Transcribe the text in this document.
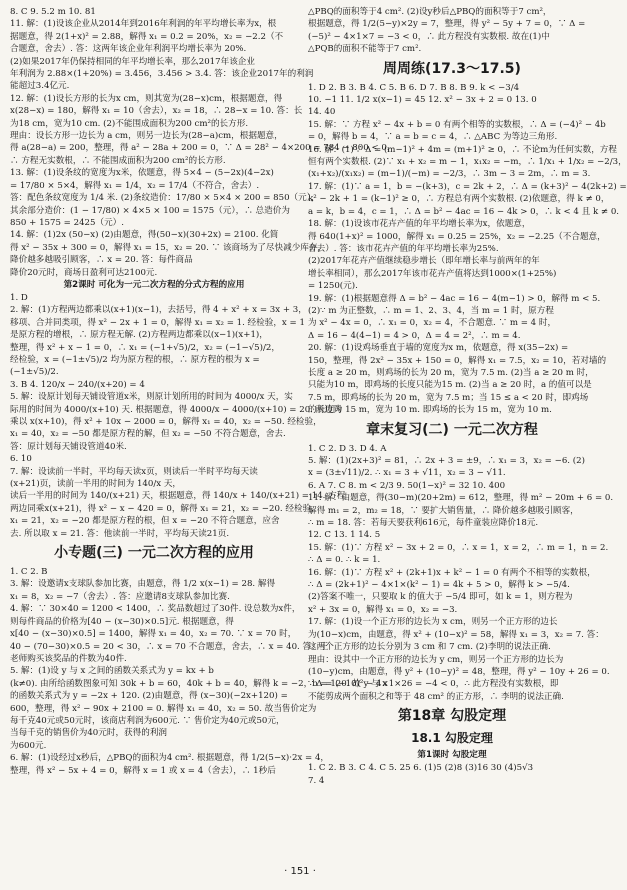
8. C 9. 5.2 m 10. 81
11. 解：(1)设该企业从2014年到2016年利润的年平均增长率为x，根
据题意，得 2(1+x)² = 2.88，解得 x₁ = 0.2 = 20%，x₂ = −2.2（不
合题意，舍去）. 答：这两年该企业年利润平均增长率为 20%.
(2)如果2017年仍保持相同的年平均增长率，那么2017年该企业
年利润为 2.88×(1+20%) = 3.456，3.456 > 3.4. 答：该企业2017年的利润
能超过3.4亿元.
12. 解：(1)设长方形的长为x cm，则其宽为(28−x)cm，根据题意，得
x(28−x) = 180，解得 x₁ = 10（舍去），x₂ = 18，∴ 28−x = 10. 答：长
为18 cm，宽为10 cm. (2)不能围成面积为200 cm²的长方形.
理由：设长方形一边长为 a cm，则另一边长为(28−a)cm，根据题意，
得 a(28−a) = 200，整理，得 a² − 28a + 200 = 0，∵ Δ = 28² − 4×200 = 784 − 800 < 0，
∴ 方程无实数根，∴ 不能围成面积为200 cm²的长方形.
13. 解：(1)设条纹的宽度为x米，依题意，得 5×4 − (5−2x)(4−2x)
= 17/80 × 5×4，解得 x₁ = 1/4，x₂ = 17/4（不符合，舍去）.
答：配色条纹宽度为 1/4 米. (2)条纹造价：17/80 × 5×4 × 200 = 850（元），
其余部分造价：(1 − 17/80) × 4×5 × 100 = 1575（元），∴ 总造价为
850 + 1575 = 2425（元）.
14. 解：(1)2x (50−x) (2)由题意，得(50−x)(30+2x) = 2100. 化简
得 x² − 35x + 300 = 0，解得 x₁ = 15，x₂ = 20. ∵ 该商场为了尽快减少库存，
降价越多越吸引顾客，∴ x = 20. 答：每件商品
降价20元时，商场日盈利可达2100元.
第2课时 可化为一元二次方程的分式方程的应用
1. D
2. 解：(1)方程两边都乘以(x+1)(x−1)，去括号，得 4 + x² + x = 3x + 3，
移项、合并同类项，得 x² − 2x + 1 = 0，解得 x₁ = x₂ = 1. 经检验，x = 1
是原方程的增根，∴ 原方程无解. (2)方程两边都乘以(x−1)(x+1)，
整理，得 x² + x − 1 = 0，∴ x₁ = (−1+√5)/2，x₂ = (−1−√5)/2，
经检验，x = (−1±√5)/2 均为原方程的根，∴ 原方程的根为 x =
(−1±√5)/2.
3. B 4. 120/x − 240/(x+20) = 4
5. 解：设原计划每天铺设管道x米，则原计划所用的时间为 4000/x 天，实
际用的时间为 4000/(x+10) 天. 根据题意，得 4000/x − 4000/(x+10) = 20. 两边同
乘以 x(x+10)，得 x² + 10x − 2000 = 0，解得 x₁ = 40，x₂ = −50. 经检验，
x₁ = 40，x₂ = −50 都是原方程的解，但 x₂ = −50 不符合题意，舍去.
答：原计划每天铺设管道40米.
6. 10
7. 解：设读前一半时，平均每天读x页，则读后一半时平均每天读
(x+21)页，读前一半用的时间为 140/x 天，
读后一半用的时间为 140/(x+21) 天，根据题意，得 140/x + 140/(x+21) = 14. 方程
两边同乘x(x+21)，得 x² − x − 420 = 0，解得 x₁ = 21，x₂ = −20. 经检验，
x₁ = 21，x₂ = −20 都是原方程的根，但 x = −20 不符合题意，应舍
去. 所以取 x = 21. 答：他读前一半时，平均每天读21页.
小专题(三) 一元二次方程的应用
1. C 2. B
3. 解：设邀请x支球队参加比赛，由题意，得 1/2 x(x−1) = 28. 解得
x₁ = 8，x₂ = −7（舍去）. 答：应邀请8支球队参加比赛.
4. 解：∵ 30×40 = 1200 < 1400，∴ 奖品数超过了30件. 设总数为x件，
则每件商品的价格为[40 − (x−30)×0.5]元. 根据题意，得
x[40 − (x−30)×0.5] = 1400，解得 x₁ = 40，x₂ = 70. ∵ x = 70 时，
40 − (70−30)×0.5 = 20 < 30，∴ x = 70 不合题意，舍去，∴ x = 40. 答：王
老师购买该奖品的件数为40件.
5. 解：(1)设 y 与 x 之间的函数关系式为 y = kx + b
(k≠0). 由所给函数图象可知 30k + b = 60，40k + b = 40，解得 k = −2，b = 120. 故 y 与 x
的函数关系式为 y = −2x + 120. (2)由题意，得 (x−30)(−2x+120) =
600，整理，得 x² − 90x + 2100 = 0. 解得 x₁ = 40，x₂ = 50. 故当售价定为
每千克40元或50元时，该商店利润为600元. ∵ 售价定为40元或50元，
当每千克的销售价为40元时，获得的利润
为600元.
6. 解：(1)设经过x秒后，△PBQ的面积为4 cm². 根据题意，得 1/2(5−x)·2x = 4，
整理，得 x² − 5x + 4 = 0，解得 x = 1 或 x = 4（舍去），∴ 1秒后
△PBQ的面积等于4 cm². (2)设y秒后△PBQ的面积等于7 cm²，
根据题意，得 1/2(5−y)×2y = 7，整理，得 y² − 5y + 7 = 0，∵ Δ =
(−5)² − 4×1×7 = −3 < 0，∴ 此方程没有实数根. 故在(1)中
△PQB的面积不能等于7 cm².
周周练(17.3～17.5)
1. D 2. B 3. B 4. C 5. B 6. D 7. B 8. B 9. k < −3/4
10. −1 11. 1/2 x(x−1) = 45 12. x² − 3x + 2 = 0 13. 0
14. 40
15. 解：∵ 方程 x² − 4x + b = 0 有两个相等的实数根，∴ Δ = (−4)² − 4b
= 0，解得 b = 4，∵ a = b = c = 4，∴ △ABC 为等边三角形.
16. 解：(1)∵ Δ = (m−1)² + 4m = (m+1)² ≥ 0，∴ 不论m为任何实数，方程
恒有两个实数根. (2)∵ x₁ + x₂ = m − 1，x₁x₂ = −m，∴ 1/x₁ + 1/x₂ = −2/3，
(x₁+x₂)/(x₁x₂) = (m−1)/(−m) = −2/3，∴ 3m − 3 = 2m，∴ m = 3.
17. 解：(1)∵ a = 1，b = −(k+3)，c = 2k + 2，∴ Δ = (k+3)² − 4(2k+2) =
k² − 2k + 1 = (k−1)² ≥ 0，∴ 方程总有两个实数根. (2)依题意，得 k ≠ 0，
a = k，b = 4，c = 1，∴ Δ = b² − 4ac = 16 − 4k > 0，∴ k < 4 且 k ≠ 0.
18. 解：(1)设该市花卉产值的年平均增长率为x，依题意，
得 640(1+x)² = 1000，解得 x₁ = 0.25 = 25%，x₂ = −2.25（不合题意，
舍去）. 答：该市花卉产值的年平均增长率为25%.
(2)2017年花卉产值继续稳步增长（即年增长率与前两年的年
增长率相同），那么2017年该市花卉产值将达到1000×(1+25%)
= 1250(元).
19. 解：(1)根据题意得 Δ = b² − 4ac = 16 − 4(m−1) > 0，解得 m < 5.
(2)∵ m 为正整数，∴ m = 1、2、3、4，当 m = 1 时，原方程
为 x² − 4x = 0，∴ x₁ = 0，x₂ = 4，不合题意. ∵ m = 4 时，
Δ = 16 − 4(4−1) = 4 > 0，Δ = 4 = 2²，∴ m = 4.
20. 解：(1)设鸡场垂直于墙的宽度为x m，依题意，得 x(35−2x) =
150，整理，得 2x² − 35x + 150 = 0，解得 x₁ = 7.5，x₂ = 10，若对墙的
长度 a ≥ 20 m，则鸡场的长为 20 m，宽为 7.5 m. (2)当 a ≥ 20 m 时，
只能为10 m，即鸡场的长度只能为15 m. (2)当 a ≥ 20 时，a 的值可以是
7.5 m，即鸡场的长为 20 m，宽为 7.5 m；当 15 ≤ a < 20 时，即鸡场
的长度为 15 m，宽为 10 m. 即鸡场的长为 15 m，宽为 10 m.
章末复习(二) 一元二次方程
1. C 2. D 3. D 4. A
5. 解：(1)(2x+3)² = 81，∴ 2x + 3 = ±9，∴ x₁ = 3，x₂ = −6. (2)
x = (3±√11)/2. ∴ x₁ = 3 + √11，x₂ = 3 − √11.
6. A 7. C 8. m < 2/3 9. 50(1−x)² = 32 10. 400
11. 解：由题意，得(30−m)(20+2m) = 612，整理，得 m² − 20m + 6 = 0.
解得 m₁ = 2，m₂ = 18，∵ 要扩大销售量，∴ 降价越多越吸引顾客，
∴ m = 18. 答：若每天要获利616元，每件童装应降价18元.
12. C 13. 1 14. 5
15. 解：(1)∵ 方程 x² − 3x + 2 = 0，∴ x = 1，x = 2，∴ m = 1，n = 2.
∴ Δ = 0. ∴ k = 1.
16. 解：(1)∵ 方程 x² + (2k+1)x + k² − 1 = 0 有两个不相等的实数根，
∴ Δ = (2k+1)² − 4×1×(k² − 1) = 4k + 5 > 0，解得 k > −5/4.
(2)答案不唯一，只要取 k 的值大于 −5/4 即可，如 k = 1，则方程为
x² + 3x = 0，解得 x₁ = 0，x₂ = −3.
17. 解：(1)设一个正方形的边长为 x cm，则另一个正方形的边长
为(10−x)cm，由题意，得 x² + (10−x)² = 58，解得 x₁ = 3，x₂ = 7. 答：
这两个正方形的边长分别为 3 cm 和 7 cm. (2)李明的说法正确.
理由：设其中一个正方形的边长为 y cm，则另一个正方形的边长为
(10−y)cm，由题意，得 y² + (10−y)² = 48，整理，得 y² − 10y + 26 = 0.
∵ Δ = (−10)² − 4×1×26 = −4 < 0，∴ 此方程没有实数根，即
不能剪成两个面积之和等于 48 cm² 的正方形，∴ 李明的说法正确.
第18章 勾股定理
18.1 勾股定理
第1课时 勾股定理
1. C 2. B 3. C 4. C 5. 25 6. (1)5 (2)8 (3)16 30 (4)5√3
7. 4
· 151 ·
